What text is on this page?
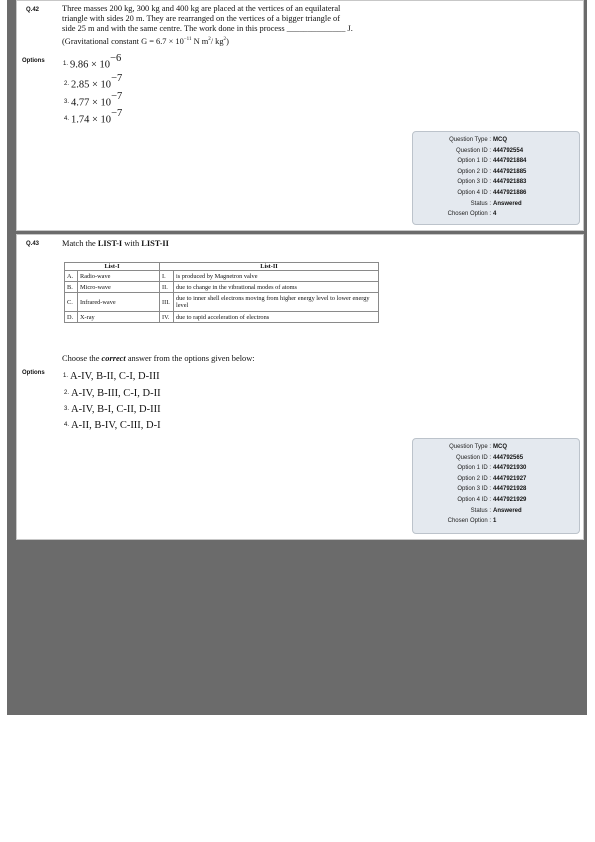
Q.42	Three masses 200 kg, 300 kg and 400 kg are placed at the vertices of an equilateral
triangle with sides 20 m. They are rearranged on the vertices of a bigger triangle of
side 25 m and with the same centre. The work done in this process ______________ J.
(Gravitational constant $G = 6.7 \times 10^{-11}$ N $m^2/$ $kg^2$)
Options
1. $9.86 \times 10^{-6}$
2. $2.85 \times 10^{-7}$
3. $4.77 \times 10^{-7}$
4. $1.74 \times 10^{-7}$
Question Type : MCQ
Question ID : 444792554
Option 1 ID : 4447921884
Option 2 ID : 4447921885
Option 3 ID : 4447921883
Option 4 ID : 4447921886
Status : Answered
Chosen Option : 4
Q.43	Match the LIST-I with LIST-II
List-I		List-II	
A.	Radio-wave	I.	is produced by Magnetron valve
B.	Micro-wave	II.	due to change in the vibrational modes of atoms
C.	Infrared-wave	III.	due to inner shell electrons moving from higher energy level to lower energy level
D.	X-ray	IV.	due to rapid acceleration of electrons
Choose the correct answer from the options given below:
Options	1. A-IV, B-II, C-I, D-III
2. A-IV, B-III, C-I, D-II
3. A-IV, B-I, C-II, D-III
4. A-II, B-IV, C-III, D-I
Question Type : MCQ
Question ID : 444792565
Option 1 ID : 4447921930
Option 2 ID : 4447921927
Option 3 ID : 4447921928
Option 4 ID : 4447921929
Status : Answered
Chosen Option : 1
